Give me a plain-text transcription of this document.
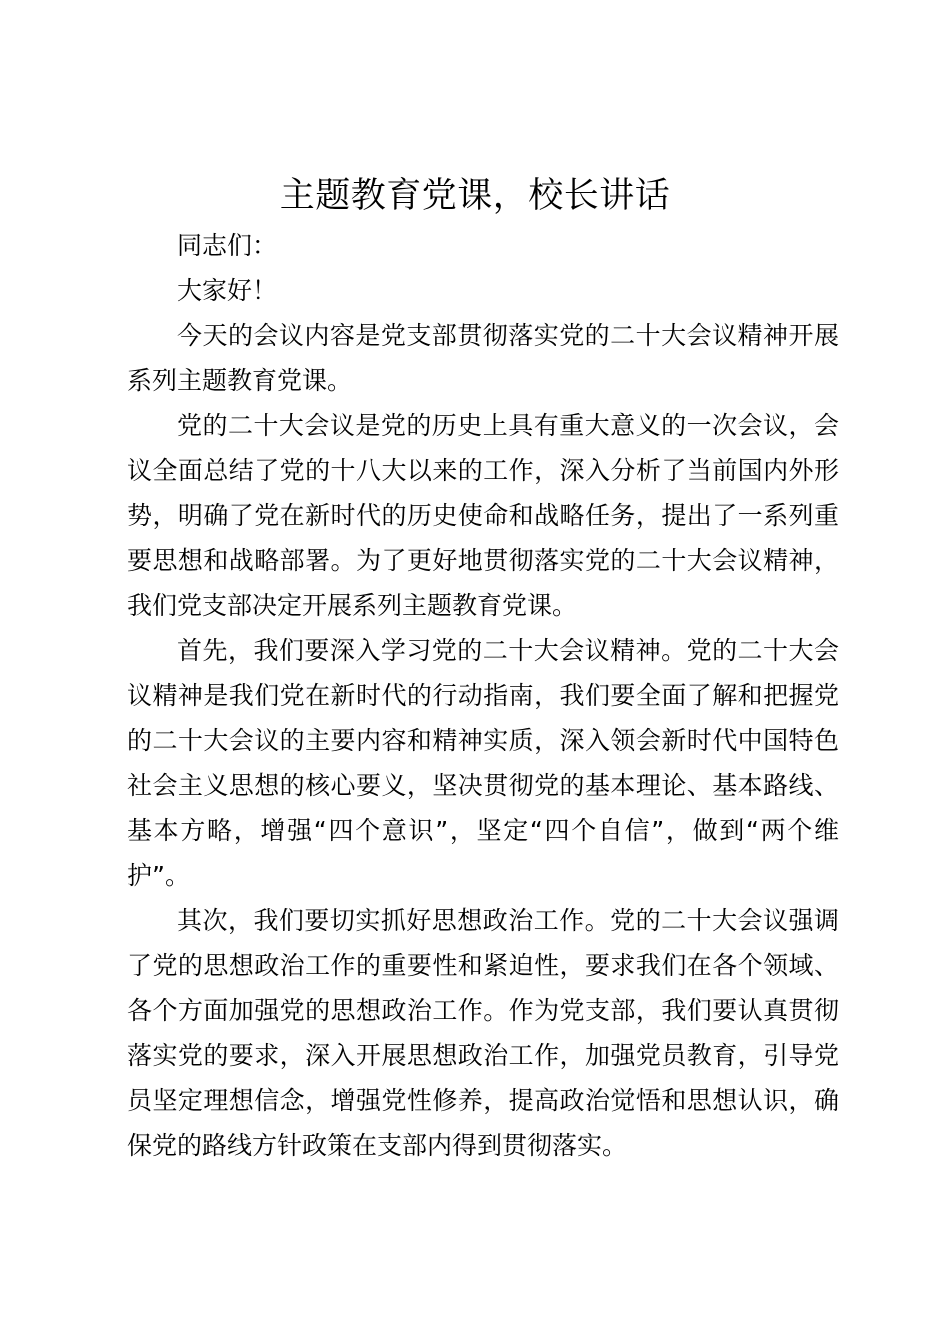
主题教育党课，校长讲话

同志们：

大家好！

今天的会议内容是党支部贯彻落实党的二十大会议精神开展系列主题教育党课。

党的二十大会议是党的历史上具有重大意义的一次会议，会议全面总结了党的十八大以来的工作，深入分析了当前国内外形势，明确了党在新时代的历史使命和战略任务，提出了一系列重要思想和战略部署。为了更好地贯彻落实党的二十大会议精神，我们党支部决定开展系列主题教育党课。

首先，我们要深入学习党的二十大会议精神。党的二十大会议精神是我们党在新时代的行动指南，我们要全面了解和把握党的二十大会议的主要内容和精神实质，深入领会新时代中国特色社会主义思想的核心要义，坚决贯彻党的基本理论、基本路线、基本方略，增强“四个意识”，坚定“四个自信”，做到“两个维护”。

其次，我们要切实抓好思想政治工作。党的二十大会议强调了党的思想政治工作的重要性和紧迫性，要求我们在各个领域、各个方面加强党的思想政治工作。作为党支部，我们要认真贯彻落实党的要求，深入开展思想政治工作，加强党员教育，引导党员坚定理想信念，增强党性修养，提高政治觉悟和思想认识，确保党的路线方针政策在支部内得到贯彻落实。
